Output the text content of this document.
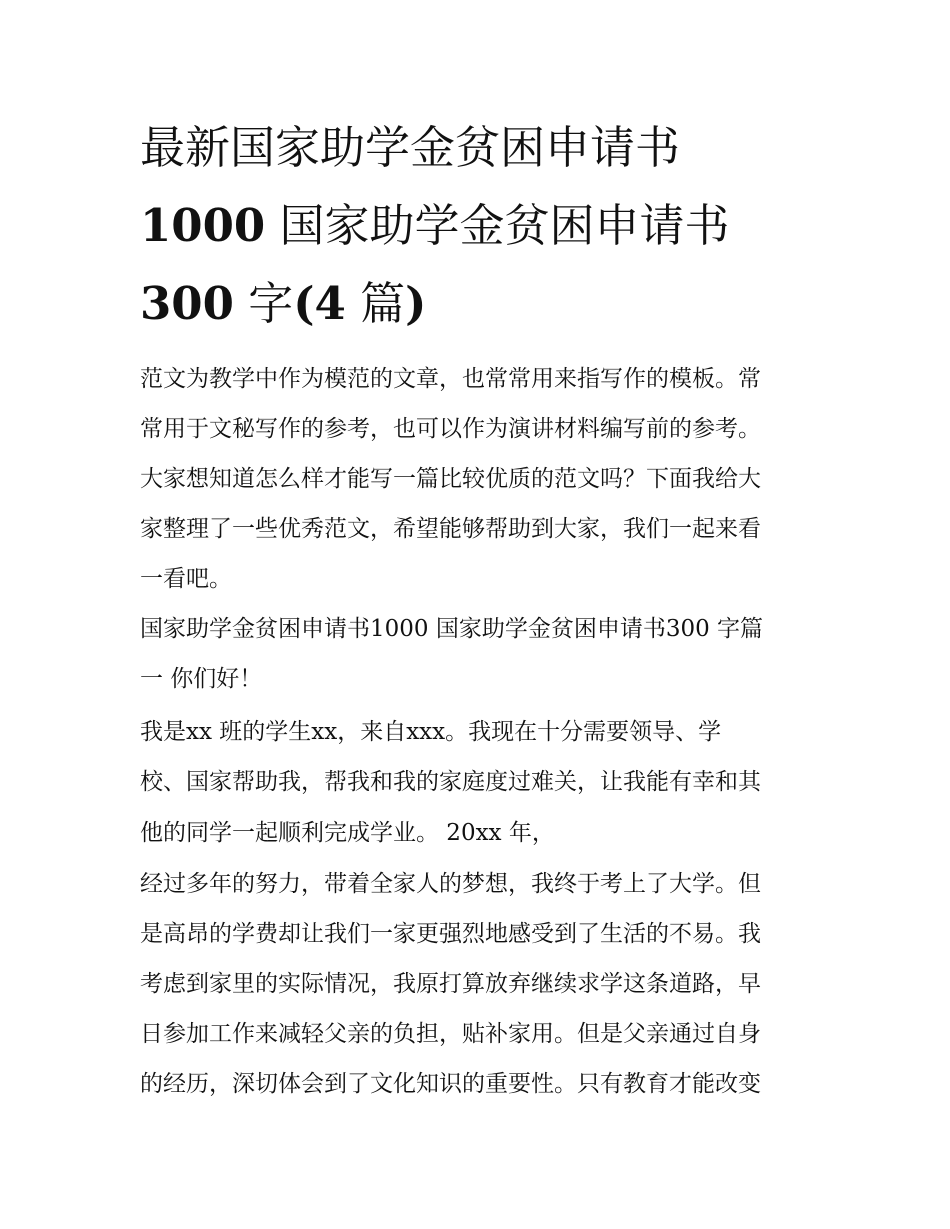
最新国家助学金贫困申请书
1000 国家助学金贫困申请书
300 字(4 篇)
范文为教学中作为模范的文章，也常常用来指写作的模板。常
常用于文秘写作的参考，也可以作为演讲材料编写前的参考。
大家想知道怎么样才能写一篇比较优质的范文吗？下面我给大
家整理了一些优秀范文，希望能够帮助到大家，我们一起来看
一看吧。
国家助学金贫困申请书1000 国家助学金贫困申请书300 字篇
一 你们好！
我是xx 班的学生xx，来自xxx。我现在十分需要领导、学
校、国家帮助我，帮我和我的家庭度过难关，让我能有幸和其
他的同学一起顺利完成学业。 20xx 年，
经过多年的努力，带着全家人的梦想，我终于考上了大学。但
是高昂的学费却让我们一家更强烈地感受到了生活的不易。我
考虑到家里的实际情况，我原打算放弃继续求学这条道路，早
日参加工作来减轻父亲的负担，贴补家用。但是父亲通过自身
的经历，深切体会到了文化知识的重要性。只有教育才能改变
